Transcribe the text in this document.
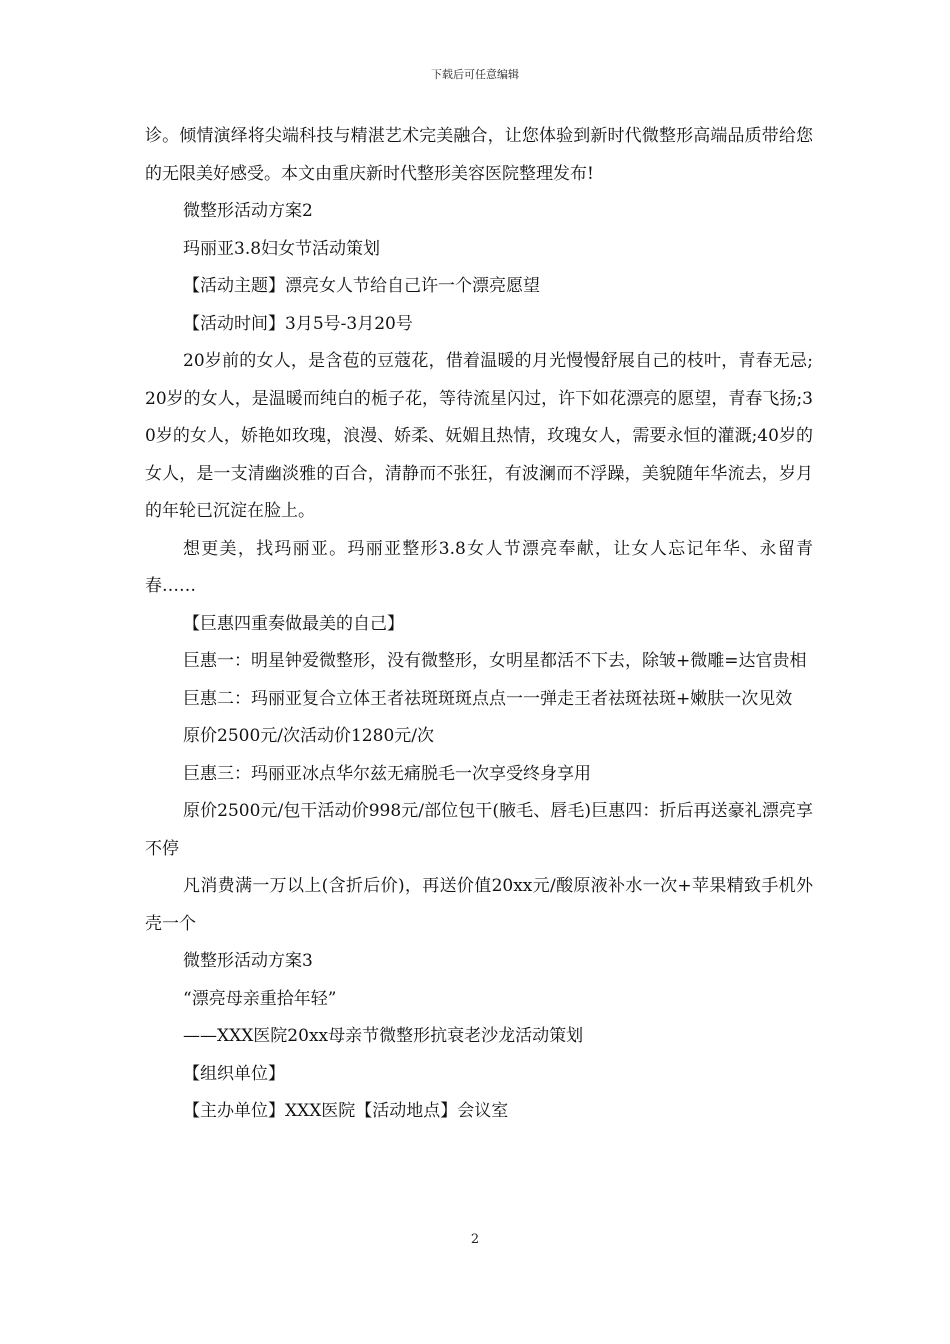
下载后可任意编辑

诊。倾情演绎将尖端科技与精湛艺术完美融合，让您体验到新时代微整形高端品质带给您的无限美好感受。本文由重庆新时代整形美容医院整理发布!

微整形活动方案2

玛丽亚3.8妇女节活动策划

【活动主题】漂亮女人节给自己许一个漂亮愿望

【活动时间】3月5号-3月20号

20岁前的女人，是含苞的豆蔻花，借着温暖的月光慢慢舒展自己的枝叶，青春无忌;20岁的女人，是温暖而纯白的栀子花，等待流星闪过，许下如花漂亮的愿望，青春飞扬;30岁的女人，娇艳如玫瑰，浪漫、娇柔、妩媚且热情，玫瑰女人，需要永恒的灌溉;40岁的女人，是一支清幽淡雅的百合，清静而不张狂，有波澜而不浮躁，美貌随年华流去，岁月的年轮已沉淀在脸上。

想更美，找玛丽亚。玛丽亚整形3.8女人节漂亮奉献，让女人忘记年华、永留青春……

【巨惠四重奏做最美的自己】

巨惠一：明星钟爱微整形，没有微整形，女明星都活不下去，除皱+微雕=达官贵相

巨惠二：玛丽亚复合立体王者祛斑斑斑点点一一弹走王者祛斑祛斑+嫩肤一次见效

原价2500元/次活动价1280元/次

巨惠三：玛丽亚冰点华尔兹无痛脱毛一次享受终身享用

原价2500元/包干活动价998元/部位包干(腋毛、唇毛)巨惠四：折后再送豪礼漂亮享不停

凡消费满一万以上(含折后价)，再送价值20xx元/酸原液补水一次+苹果精致手机外壳一个

微整形活动方案3

“漂亮母亲重拾年轻”

——XXX医院20xx母亲节微整形抗衰老沙龙活动策划

【组织单位】

【主办单位】XXX医院【活动地点】会议室

2
